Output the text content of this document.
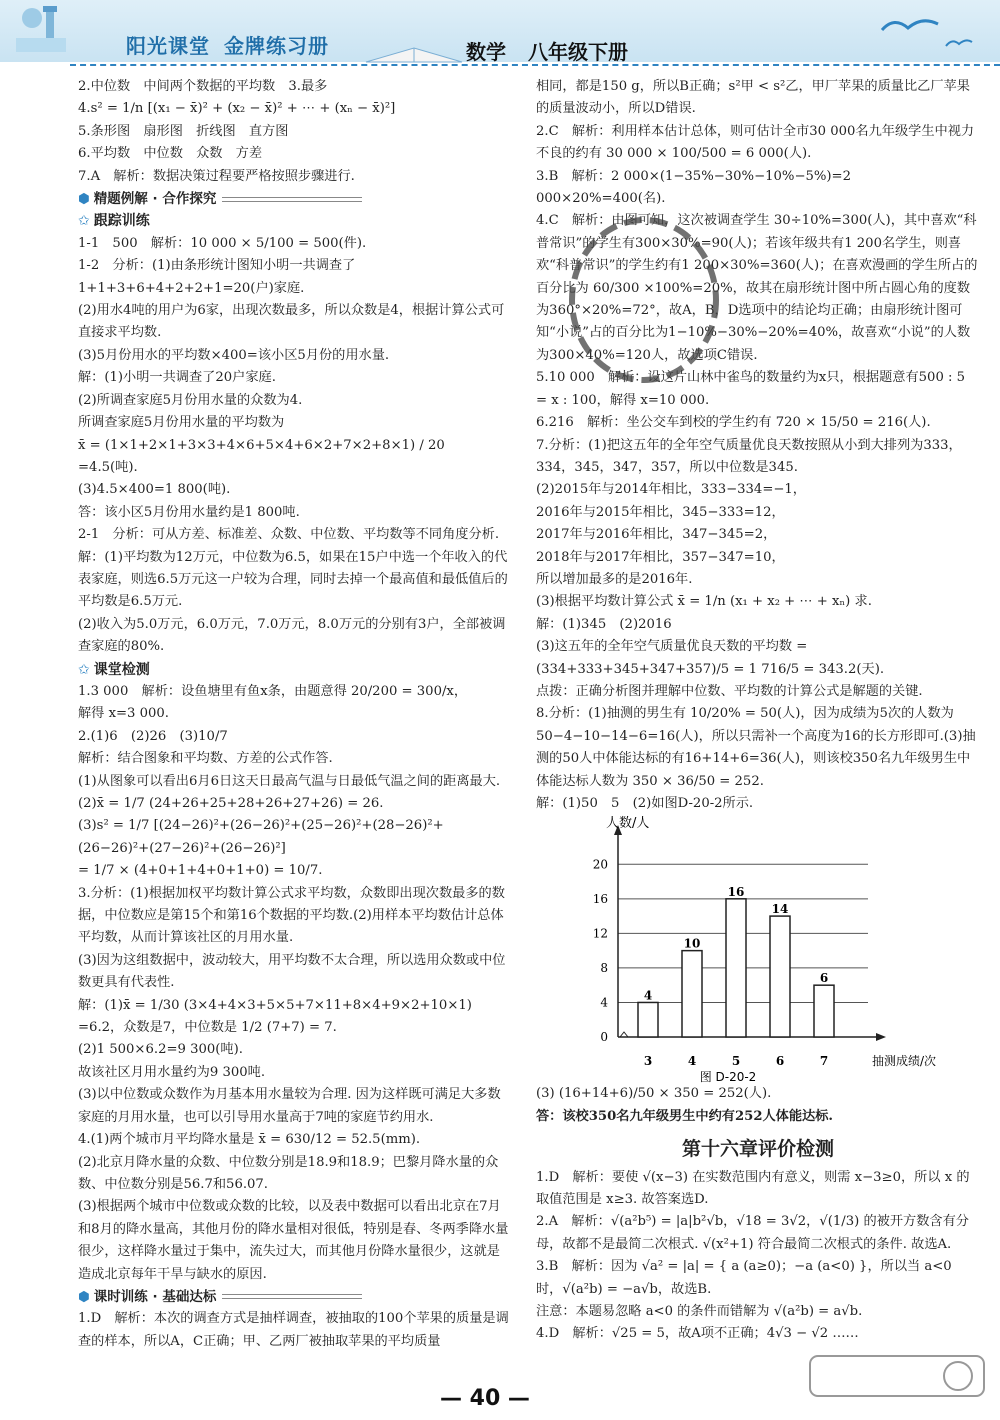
阳光课堂 金牌练习册	数学 八年级下册

2.中位数　中间两个数据的平均数　3.最多

4.s² = 1/n [(x₁ − x̄)² + (x₂ − x̄)² + ⋯ + (xₙ − x̄)²]

5.条形图　扇形图　折线图　直方图

6.平均数　中位数　众数　方差

7.A　解析：数据决策过程要严格按照步骤进行.

⬢ 精题例解 · 合作探究

✩ 跟踪训练

1-1　500　解析：10 000 × 5/100 = 500(件).

1-2　分析：(1)由条形统计图知小明一共调查了1+1+3+6+4+2+2+1=20(户)家庭.

(2)用水4吨的用户为6家，出现次数最多，所以众数是4，根据计算公式可直接求平均数.

(3)5月份用水的平均数×400=该小区5月份的用水量.

解：(1)小明一共调查了20户家庭.

(2)所调查家庭5月份用水量的众数为4.

所调查家庭5月份用水量的平均数为

x̄ = (1×1+2×1+3×3+4×6+5×4+6×2+7×2+8×1) / 20

=4.5(吨).

(3)4.5×400=1 800(吨).

答：该小区5月份用水量约是1 800吨.

2-1　分析：可从方差、标准差、众数、中位数、平均数等不同角度分析.

解：(1)平均数为12万元，中位数为6.5，如果在15户中选一个年收入的代表家庭，则选6.5万元这一户较为合理，同时去掉一个最高值和最低值后的平均数是6.5万元.

(2)收入为5.0万元，6.0万元，7.0万元，8.0万元的分别有3户，全部被调查家庭的80%.

✩ 课堂检测

1.3 000　解析：设鱼塘里有鱼x条，由题意得 20/200 = 300/x，

解得 x=3 000.

2.(1)6　(2)26　(3)10/7

解析：结合图象和平均数、方差的公式作答.

(1)从图象可以看出6月6日这天日最高气温与日最低气温之间的距离最大.

(2)x̄ = 1/7 (24+26+25+28+26+27+26) = 26.

(3)s² = 1/7 [(24−26)²+(26−26)²+(25−26)²+(28−26)²+(26−26)²+(27−26)²+(26−26)²]

= 1/7 × (4+0+1+4+0+1+0) = 10/7.

3.分析：(1)根据加权平均数计算公式求平均数，众数即出现次数最多的数据，中位数应是第15个和第16个数据的平均数.(2)用样本平均数估计总体平均数，从而计算该社区的月用水量.

(3)因为这组数据中，波动较大，用平均数不太合理，所以选用众数或中位数更具有代表性.

解：(1)x̄ = 1/30 (3×4+4×3+5×5+7×11+8×4+9×2+10×1)

=6.2，众数是7，中位数是 1/2 (7+7) = 7.

(2)1 500×6.2=9 300(吨).

故该社区月用水量约为9 300吨.

(3)以中位数或众数作为月基本用水量较为合理. 因为这样既可满足大多数家庭的月用水量，也可以引导用水量高于7吨的家庭节约用水.

4.(1)两个城市月平均降水量是 x̄ = 630/12 = 52.5(mm).

(2)北京月降水量的众数、中位数分别是18.9和18.9；巴黎月降水量的众数、中位数分别是56.7和56.07.

(3)根据两个城市中位数或众数的比较，以及表中数据可以看出北京在7月和8月的降水量高，其他月份的降水量相对很低，特别是春、冬两季降水量很少，这样降水量过于集中，流失过大，而其他月份降水量很少，这就是造成北京每年干旱与缺水的原因.

⬢ 课时训练 · 基础达标

1.D　解析：本次的调查方式是抽样调查，被抽取的100个苹果的质量是调查的样本，所以A，C正确；甲、乙两厂被抽取苹果的平均质量

相同，都是150 g，所以B正确；s²甲 < s²乙，甲厂苹果的质量比乙厂苹果的质量波动小，所以D错误.

2.C　解析：利用样本估计总体，则可估计全市30 000名九年级学生中视力不良的约有 30 000 × 100/500 = 6 000(人).

3.B　解析：2 000×(1−35%−30%−10%−5%)=2 000×20%=400(名).

4.C　解析：由图可知，这次被调查学生 30÷10%=300(人)，其中喜欢“科普常识”的学生有300×30%=90(人)；若该年级共有1 200名学生，则喜欢“科普常识”的学生约有1 200×30%=360(人)；在喜欢漫画的学生所占的百分比为 60/300 ×100%=20%，故其在扇形统计图中所占圆心角的度数为360°×20%=72°，故A，B，D选项中的结论均正确；由扇形统计图可知“小说”占的百分比为1−10%−30%−20%=40%，故喜欢“小说”的人数为300×40%=120人，故选项C错误.

5.10 000　解析：设这片山林中雀鸟的数量约为x只，根据题意有500 : 5 = x : 100，解得 x=10 000.

6.216　解析：坐公交车到校的学生约有 720 × 15/50 = 216(人).

7.分析：(1)把这五年的全年空气质量优良天数按照从小到大排列为333，334，345，347，357，所以中位数是345.

(2)2015年与2014年相比，333−334=−1，

2016年与2015年相比，345−333=12，

2017年与2016年相比，347−345=2，

2018年与2017年相比，357−347=10，

所以增加最多的是2016年.

(3)根据平均数计算公式 x̄ = 1/n (x₁ + x₂ + ⋯ + xₙ) 求.

解：(1)345　(2)2016

(3)这五年的全年空气质量优良天数的平均数 = (334+333+345+347+357)/5 = 1 716/5 = 343.2(天).

点拨：正确分析图并理解中位数、平均数的计算公式是解题的关键.

8.分析：(1)抽测的男生有 10/20% = 50(人)，因为成绩为5次的人数为50−4−10−14−6=16(人)，所以只需补一个高度为16的长方形即可.(3)抽测的50人中体能达标的有16+14+6=36(人)，则该校350名九年级男生中体能达标人数为 350 × 36/50 = 252.

解：(1)50　5　(2)如图D-20-2所示.

0
4
8
12
16
20
人数/人
抽测成绩/次
图 D-20-2
4
3
10
4
16
5
14
6
6
7

(3) (16+14+6)/50 × 350 = 252(人).

答：该校350名九年级男生中约有252人体能达标.

第十六章评价检测

1.D　解析：要使 √(x−3) 在实数范围内有意义，则需 x−3≥0，所以 x 的取值范围是 x≥3. 故答案选D.

2.A　解析：√(a²b⁵) = |a|b²√b，√18 = 3√2，√(1/3) 的被开方数含有分母，故都不是最简二次根式. √(x²+1) 符合最简二次根式的条件. 故选A.

3.B　解析：因为 √a² = |a| = { a (a≥0)；−a (a<0) }，所以当 a<0 时，√(a²b) = −a√b，故选B.

注意：本题易忽略 a<0 的条件而错解为 √(a²b) = a√b.

4.D　解析：√25 = 5，故A项不正确；4√3 − √2 ……

— 40 —
